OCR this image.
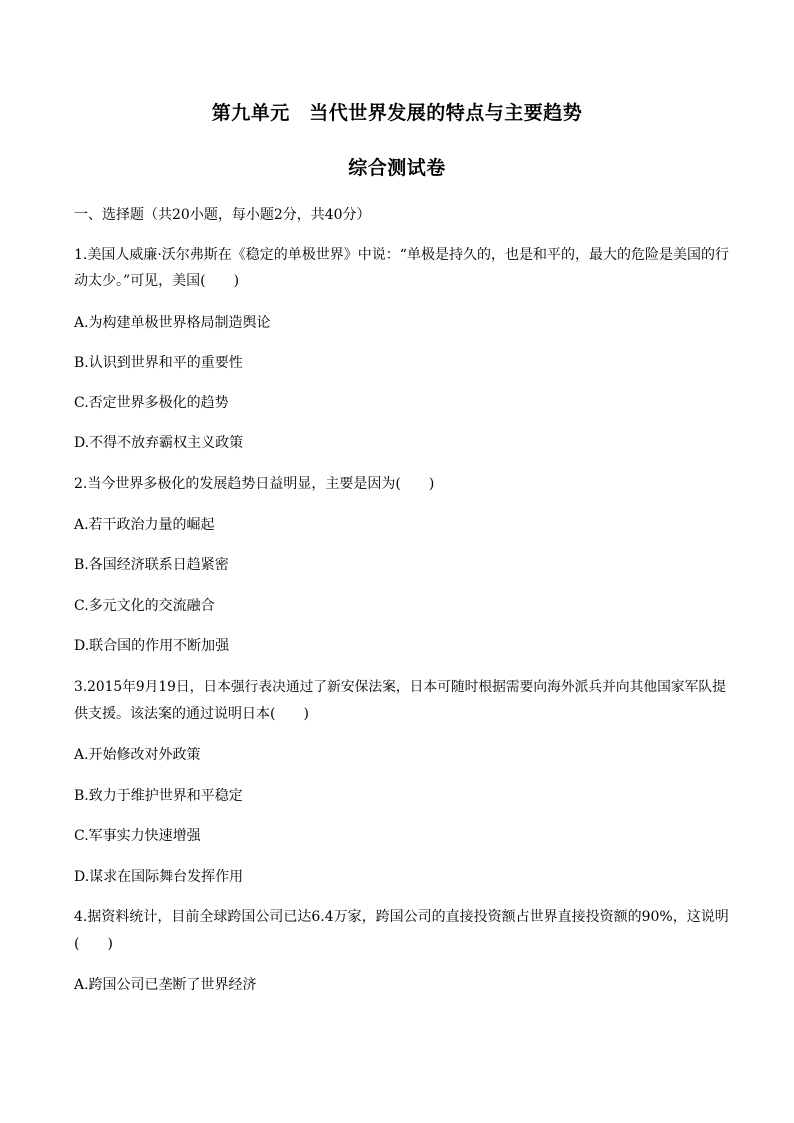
第九单元　当代世界发展的特点与主要趋势
综合测试卷
一、选择题（共20小题，每小题2分，共40分）
1.美国人威廉·沃尔弗斯在《稳定的单极世界》中说：“单极是持久的，也是和平的，最大的危险是美国的行
动太少。”可见，美国(　　)
A.为构建单极世界格局制造舆论
B.认识到世界和平的重要性
C.否定世界多极化的趋势
D.不得不放弃霸权主义政策
2.当今世界多极化的发展趋势日益明显，主要是因为(　　)
A.若干政治力量的崛起
B.各国经济联系日趋紧密
C.多元文化的交流融合
D.联合国的作用不断加强
3.2015年9月19日，日本强行表决通过了新安保法案，日本可随时根据需要向海外派兵并向其他国家军队提
供支援。该法案的通过说明日本(　　)
A.开始修改对外政策
B.致力于维护世界和平稳定
C.军事实力快速增强
D.谋求在国际舞台发挥作用
4.据资料统计，目前全球跨国公司已达6.4万家，跨国公司的直接投资额占世界直接投资额的90%，这说明
(　　)
A.跨国公司已垄断了世界经济
